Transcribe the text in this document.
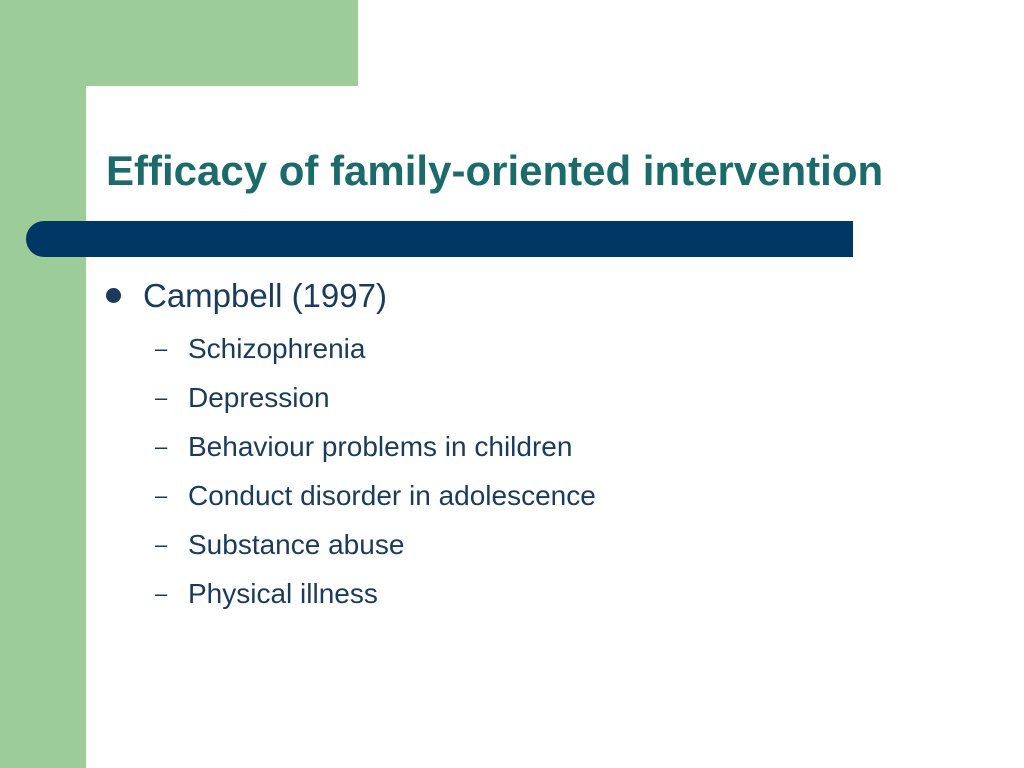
Efficacy of family-oriented intervention
Campbell (1997)
– Schizophrenia
– Depression
– Behaviour problems in children
– Conduct disorder in adolescence
– Substance abuse
– Physical illness
